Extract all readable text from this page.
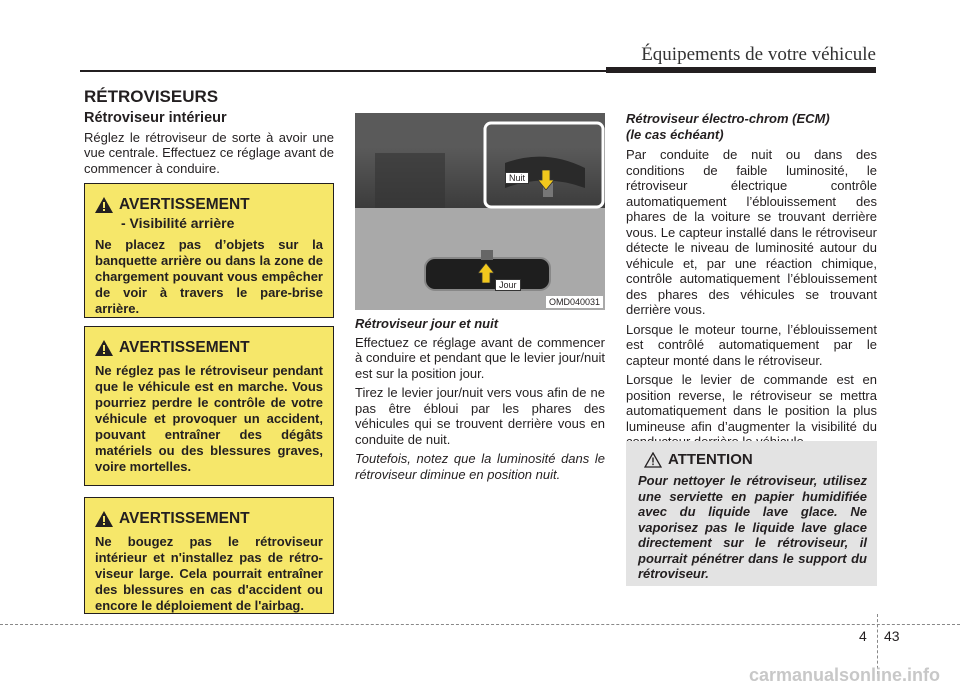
Équipements de votre véhicule
RÉTROVISEURS

Rétroviseur intérieur

Réglez le rétroviseur de sorte à avoir une vue centrale. Effectuez ce réglage avant de commencer à conduire.

AVERTISSEMENT
- Visibilité arrière
Ne placez pas d’objets sur la banquette arrière ou dans la zone de chargement pouvant vous empêcher de voir à travers le pare-brise arrière.
AVERTISSEMENT
Ne réglez pas le rétroviseur pendant que le véhicule est en marche. Vous pourriez perdre le contrôle de votre véhicule et provoquer un accident, pouvant entraîner des dégâts matériels ou des blessures graves, voire mortelles.
AVERTISSEMENT
Ne bougez pas le rétroviseur intérieur et n'installez pas de rétro-viseur large. Cela pourrait entraîner des blessures en cas d'accident ou encore le déploiement de l'airbag.
Nuit
Jour
OMD040031

Rétroviseur jour et nuit

Effectuez ce réglage avant de commencer à conduire et pendant que le levier jour/nuit est sur la position jour.

Tirez le levier jour/nuit vers vous afin de ne pas être ébloui par les phares des véhicules qui se trouvent derrière vous en conduite de nuit.

Toutefois, notez que la luminosité dans le rétroviseur diminue en position nuit.

Rétroviseur électro-chrom (ECM)
(le cas échéant)

Par conduite de nuit ou dans des conditions de faible luminosité, le rétroviseur électrique contrôle automatiquement l’éblouissement des phares de la voiture se trouvant derrière vous. Le capteur installé dans le rétroviseur détecte le niveau de luminosité autour du véhicule et, par une réaction chimique, contrôle automatiquement l’éblouissement des phares des véhicules se trouvant derrière vous.

Lorsque le moteur tourne, l’éblouissement est contrôlé automatiquement par le capteur monté dans le rétroviseur.

Lorsque le levier de commande est en position reverse, le rétroviseur se mettra automatiquement dans le position la plus lumineuse afin d’augmenter la visibilité du

ATTENTION
Pour nettoyer le rétroviseur, utilisez une serviette en papier humidifiée avec du liquide lave glace. Ne vaporisez pas le liquide lave glace directement sur le rétroviseur, il pourrait pénétrer dans le support du rétroviseur.
4 43
carmanualsonline.info
